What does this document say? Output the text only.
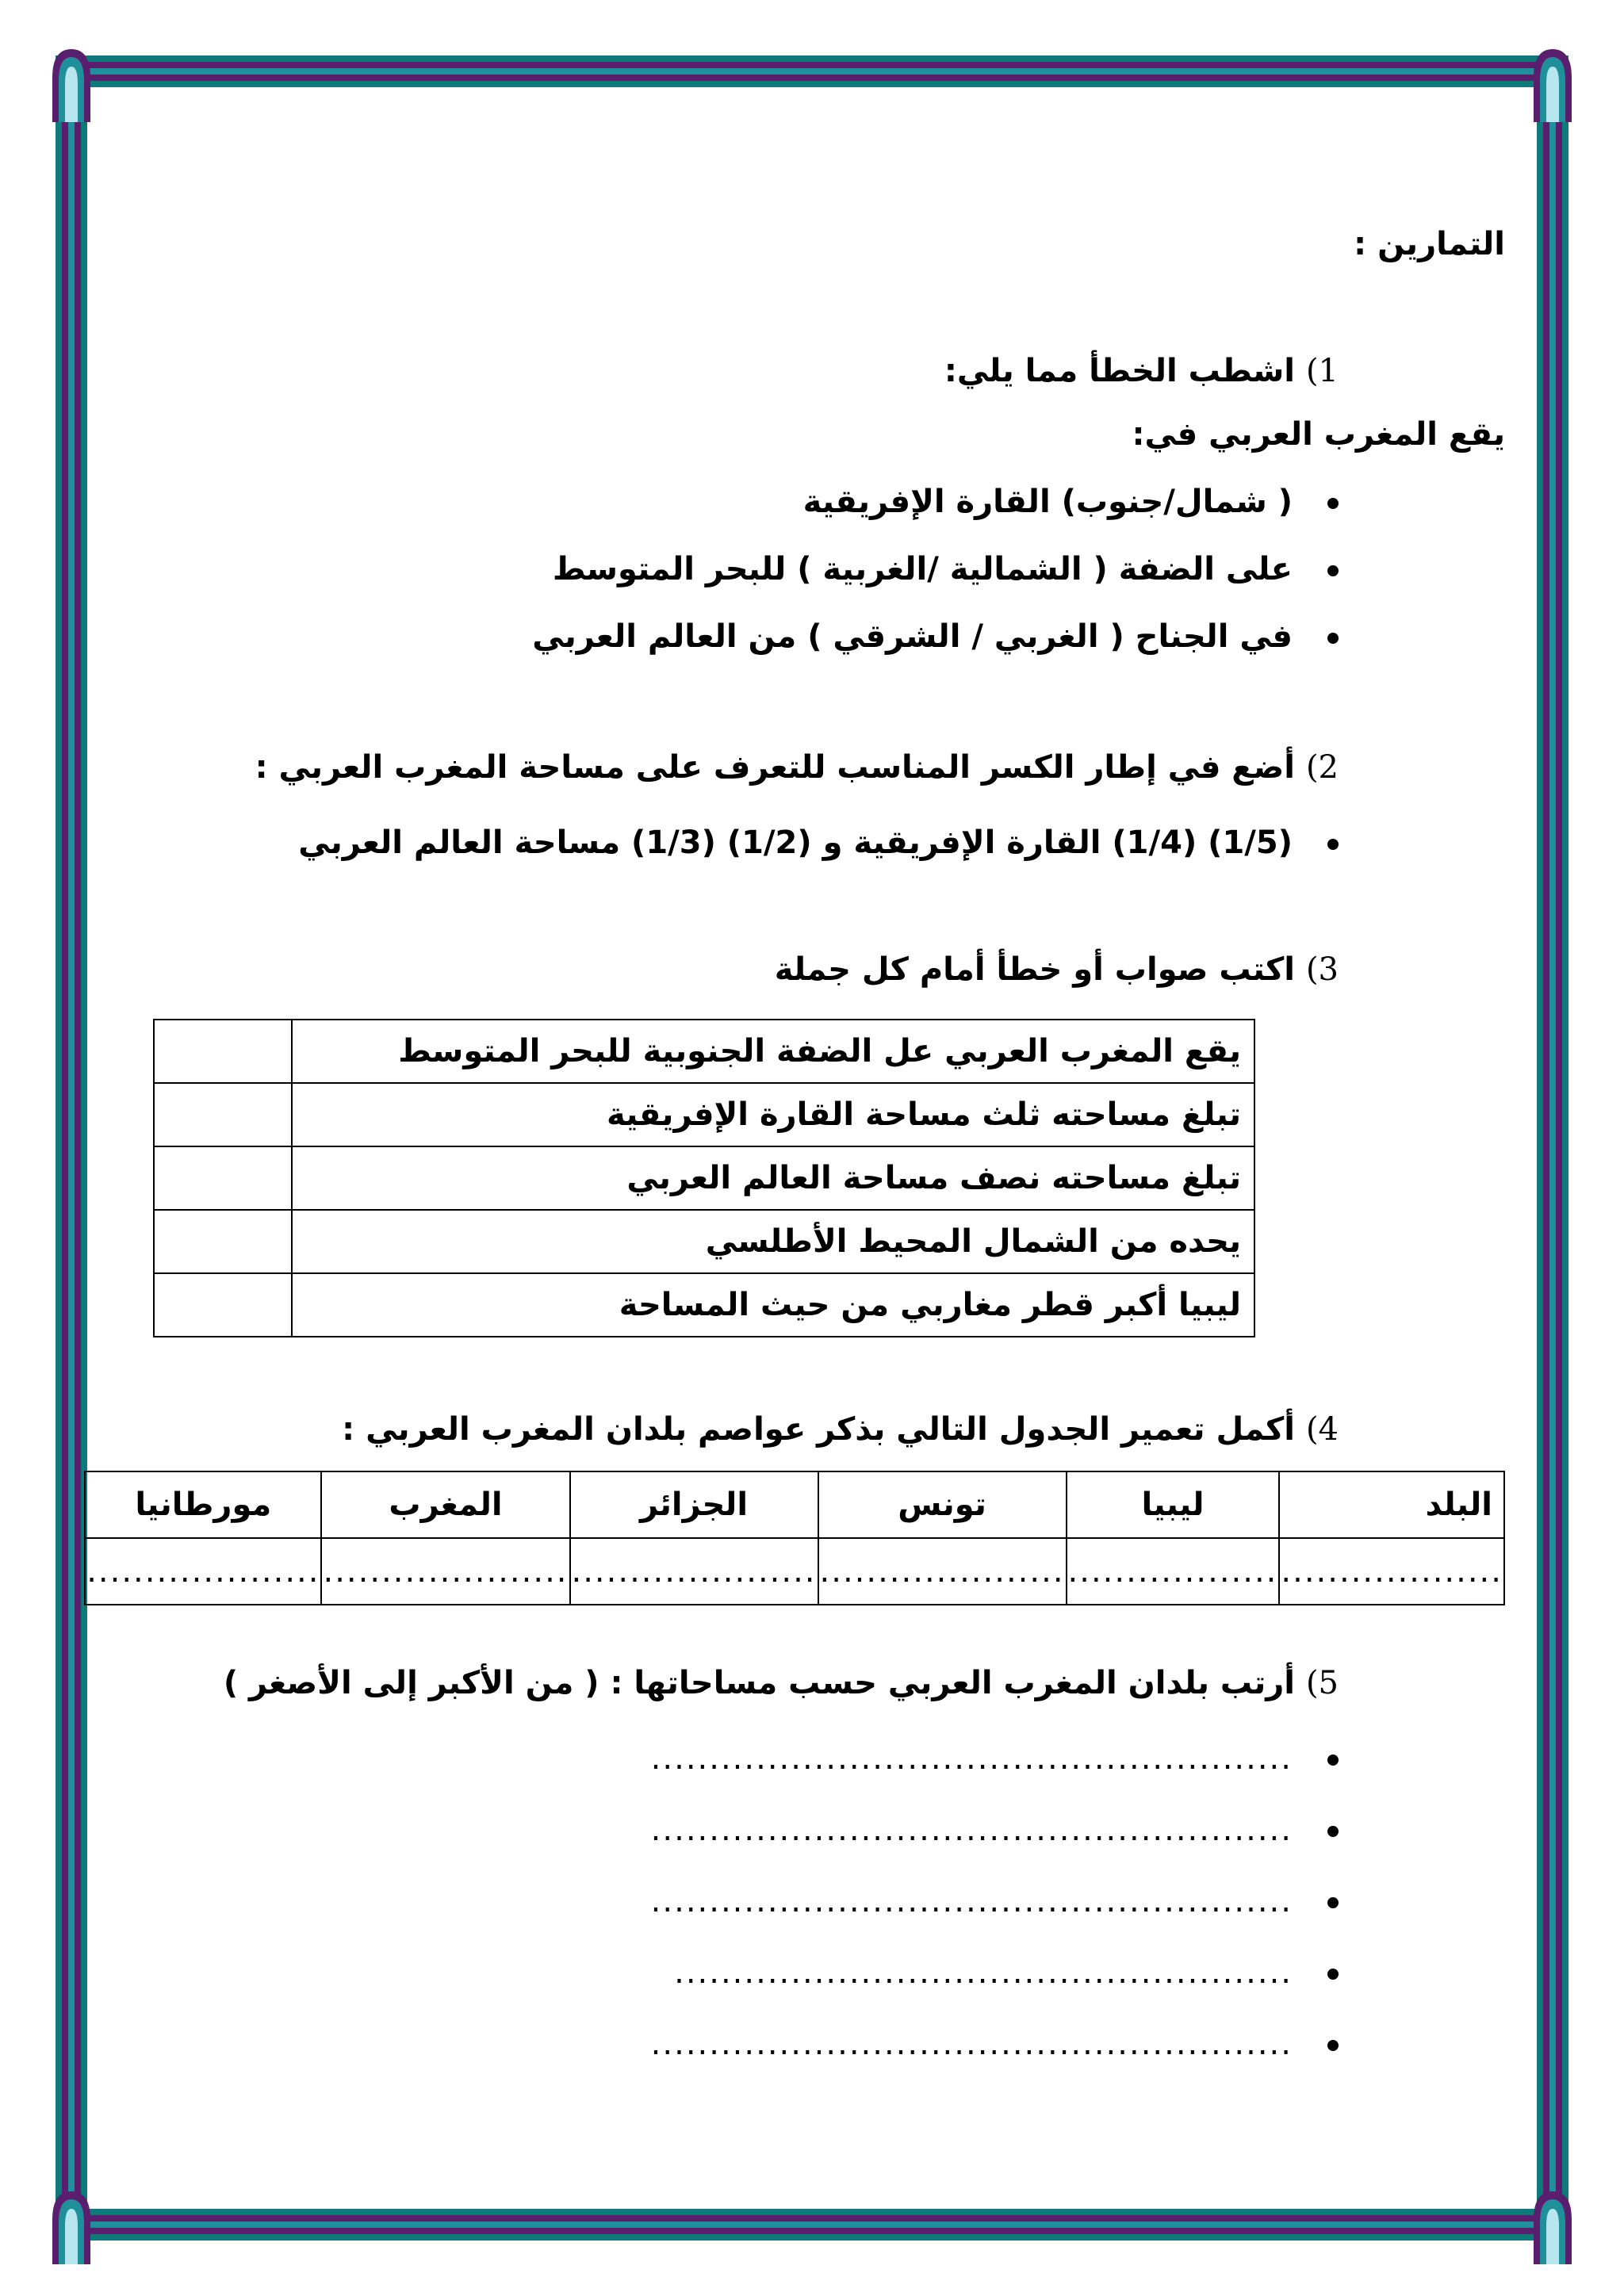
التمارين :
1) اشطب الخطأ مما يلي:
يقع المغرب العربي في:
( شمال/جنوب) القارة الإفريقية
على الضفة ( الشمالية /الغربية ) للبحر المتوسط
في الجناح ( الغربي / الشرقي ) من العالم العربي
2) أضع في إطار الكسر المناسب للتعرف على مساحة المغرب العربي :
(1/5) (1/4) القارة الإفريقية و (1/2) (1/3) مساحة العالم العربي
3) اكتب صواب أو خطأ أمام كل جملة
يقع المغرب العربي عل الضفة الجنوبية للبحر المتوسط	
تبلغ مساحته ثلث مساحة القارة الإفريقية	
تبلغ مساحته نصف مساحة العالم العربي	
يحده من الشمال المحيط الأطلسي	
ليبيا أكبر قطر مغاربي من حيث المساحة	
4) أكمل تعمير الجدول التالي بذكر عواصم بلدان المغرب العربي :
البلد	ليبيا	تونس	الجزائر	المغرب	مورطانيا
...................	..................	.....................	.....................	.....................	....................
5) أرتب بلدان المغرب العربي حسب مساحاتها : ( من الأكبر إلى الأصغر )
.......................................................
.......................................................
.......................................................
.....................................................
.......................................................
